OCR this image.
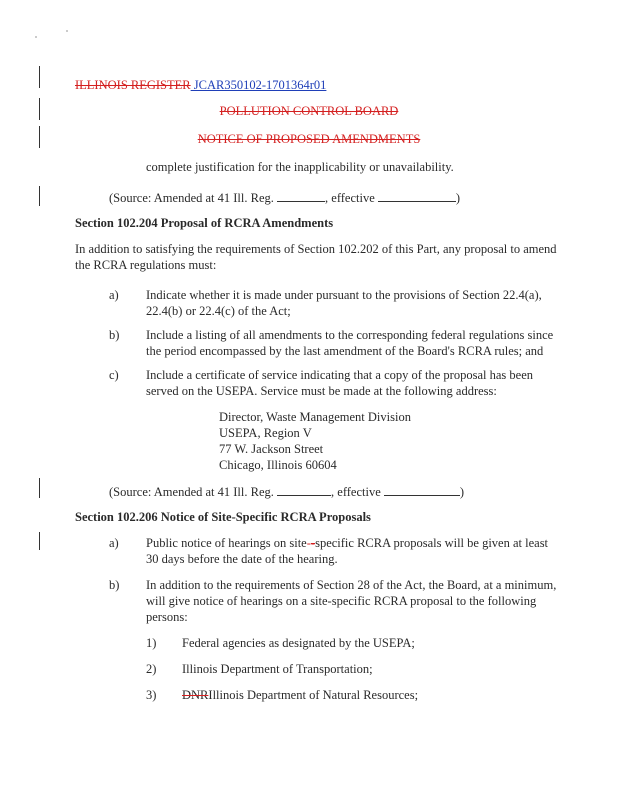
ILLINOIS REGISTER JCAR350102-1701364r01
POLLUTION CONTROL BOARD
NOTICE OF PROPOSED AMENDMENTS
complete justification for the inapplicability or unavailability.
(Source: Amended at 41 Ill. Reg.	, effective	)
Section 102.204 Proposal of RCRA Amendments
In addition to satisfying the requirements of Section 102.202 of this Part, any proposal to amend
the RCRA regulations must:
a) Indicate whether it is made under pursuant to the provisions of Section 22.4(a),
22.4(b) or 22.4(c) of the Act;
b) Include a listing of all amendments to the corresponding federal regulations since
the period encompassed by the last amendment of the Board's RCRA rules; and
c) Include a certificate of service indicating that a copy of the proposal has been
served on the USEPA. Service must be made at the following address:
Director, Waste Management Division
USEPA, Region V
77 W. Jackson Street
Chicago, Illinois 60604
(Source: Amended at 41 Ill. Reg.	, effective	)
Section 102.206 Notice of Site-Specific RCRA Proposals
a) Public notice of hearings on site--specific RCRA proposals will be given at least
30 days before the date of the hearing.
b) In addition to the requirements of Section 28 of the Act, the Board, at a minimum,
will give notice of hearings on a site-specific RCRA proposal to the following
persons:
1) Federal agencies as designated by the USEPA;
2) Illinois Department of Transportation;
3) DNRIllinois Department of Natural Resources;
